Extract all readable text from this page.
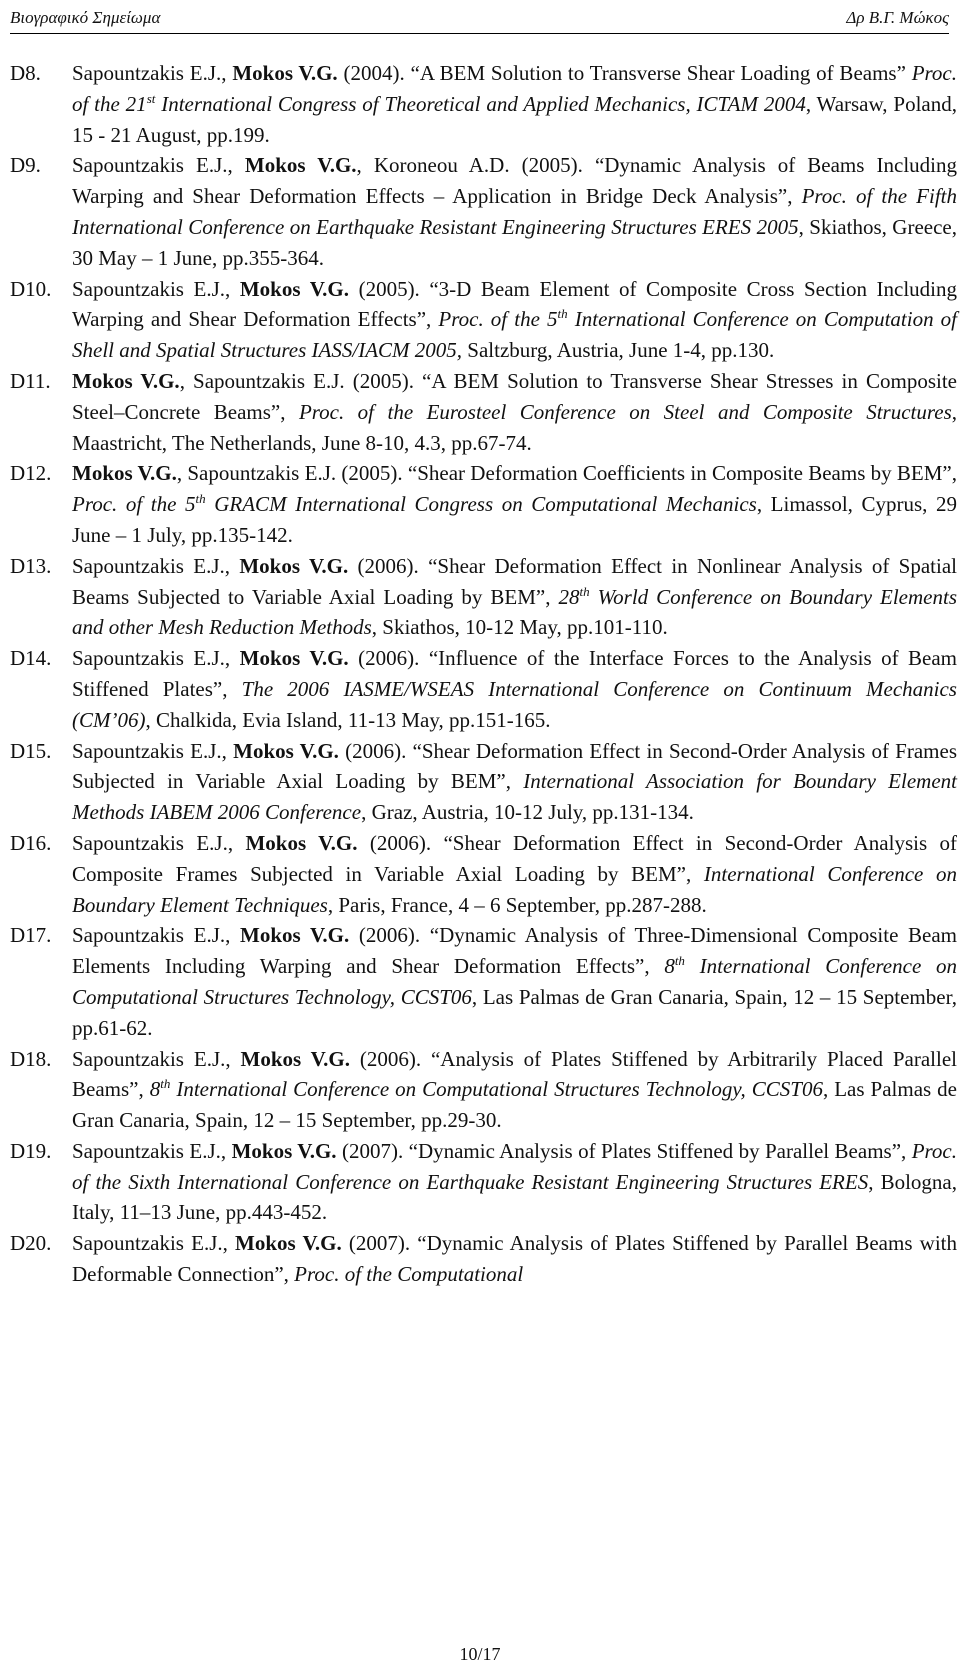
Βιογραφικό Σημείωμα	Δρ Β.Γ. Μώκος
D8. Sapountzakis E.J., Mokos V.G. (2004). “A BEM Solution to Transverse Shear Loading of Beams” Proc. of the 21st International Congress of Theoretical and Applied Mechanics, ICTAM 2004, Warsaw, Poland, 15 - 21 August, pp.199.
D9. Sapountzakis E.J., Mokos V.G., Koroneou A.D. (2005). “Dynamic Analysis of Beams Including Warping and Shear Deformation Effects – Application in Bridge Deck Analysis”, Proc. of the Fifth International Conference on Earthquake Resistant Engineering Structures ERES 2005, Skiathos, Greece, 30 May – 1 June, pp.355-364.
D10. Sapountzakis E.J., Mokos V.G. (2005). “3-D Beam Element of Composite Cross Section Including Warping and Shear Deformation Effects”, Proc. of the 5th International Conference on Computation of Shell and Spatial Structures IASS/IACM 2005, Saltzburg, Austria, June 1-4, pp.130.
D11. Mokos V.G., Sapountzakis E.J. (2005). “A BEM Solution to Transverse Shear Stresses in Composite Steel–Concrete Beams”, Proc. of the Eurosteel Conference on Steel and Composite Structures, Maastricht, The Netherlands, June 8-10, 4.3, pp.67-74.
D12. Mokos V.G., Sapountzakis E.J. (2005). “Shear Deformation Coefficients in Composite Beams by BEM”, Proc. of the 5th GRACM International Congress on Computational Mechanics, Limassol, Cyprus, 29 June – 1 July, pp.135-142.
D13. Sapountzakis E.J., Mokos V.G. (2006). “Shear Deformation Effect in Nonlinear Analysis of Spatial Beams Subjected to Variable Axial Loading by BEM”, 28th World Conference on Boundary Elements and other Mesh Reduction Methods, Skiathos, 10-12 May, pp.101-110.
D14. Sapountzakis E.J., Mokos V.G. (2006). “Influence of the Interface Forces to the Analysis of Beam Stiffened Plates”, The 2006 IASME/WSEAS International Conference on Continuum Mechanics (CM’06), Chalkida, Evia Island, 11-13 May, pp.151-165.
D15. Sapountzakis E.J., Mokos V.G. (2006). “Shear Deformation Effect in Second-Order Analysis of Frames Subjected in Variable Axial Loading by BEM”, International Association for Boundary Element Methods IABEM 2006 Conference, Graz, Austria, 10-12 July, pp.131-134.
D16. Sapountzakis E.J., Mokos V.G. (2006). “Shear Deformation Effect in Second-Order Analysis of Composite Frames Subjected in Variable Axial Loading by BEM”, International Conference on Boundary Element Techniques, Paris, France, 4 – 6 September, pp.287-288.
D17. Sapountzakis E.J., Mokos V.G. (2006). “Dynamic Analysis of Three-Dimensional Composite Beam Elements Including Warping and Shear Deformation Effects”, 8th International Conference on Computational Structures Technology, CCST06, Las Palmas de Gran Canaria, Spain, 12 – 15 September, pp.61-62.
D18. Sapountzakis E.J., Mokos V.G. (2006). “Analysis of Plates Stiffened by Arbitrarily Placed Parallel Beams”, 8th International Conference on Computational Structures Technology, CCST06, Las Palmas de Gran Canaria, Spain, 12 – 15 September, pp.29-30.
D19. Sapountzakis E.J., Mokos V.G. (2007). “Dynamic Analysis of Plates Stiffened by Parallel Beams”, Proc. of the Sixth International Conference on Earthquake Resistant Engineering Structures ERES, Bologna, Italy, 11–13 June, pp.443-452.
D20. Sapountzakis E.J., Mokos V.G. (2007). “Dynamic Analysis of Plates Stiffened by Parallel Beams with Deformable Connection”, Proc. of the Computational
10/17
